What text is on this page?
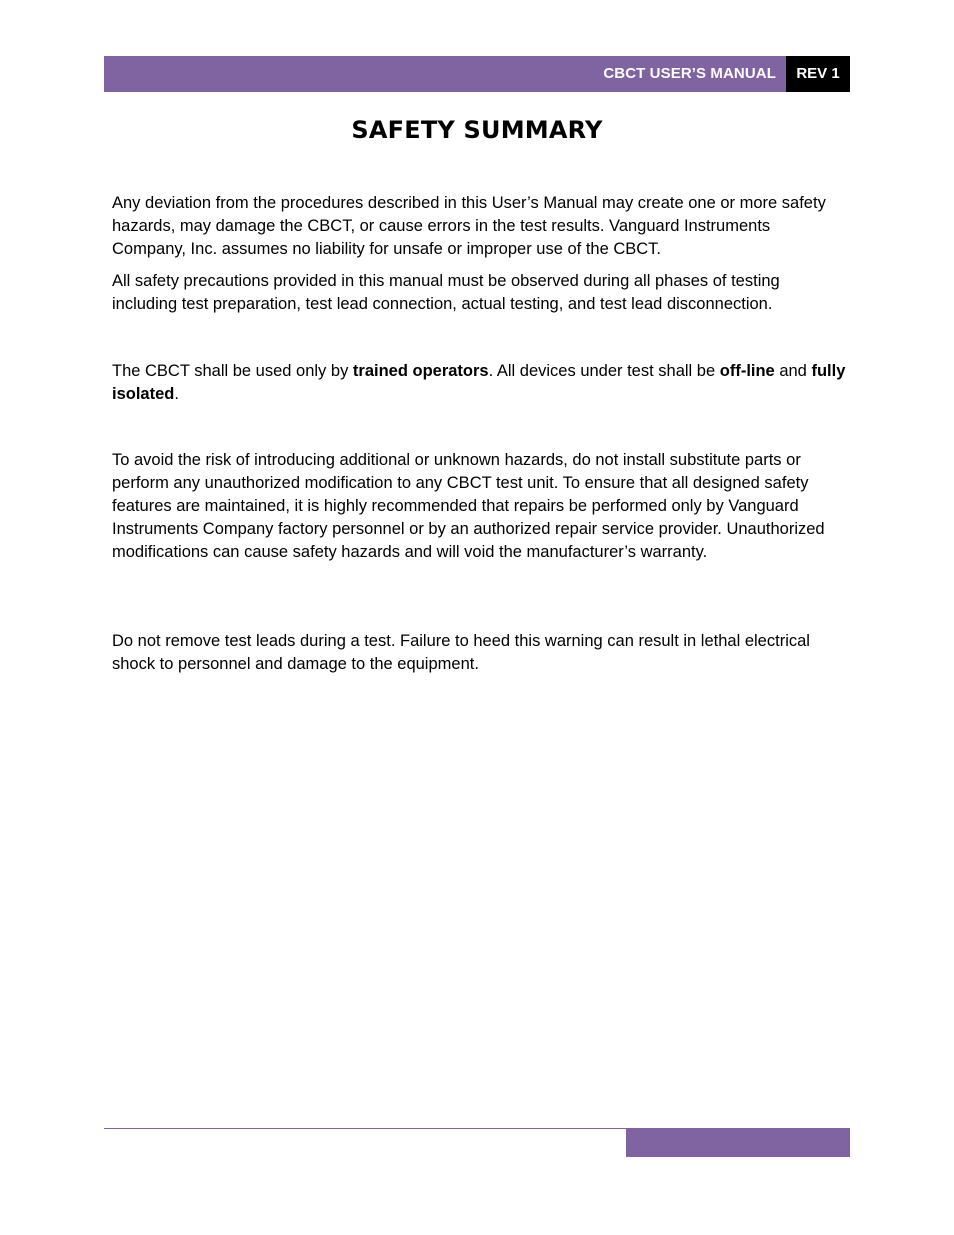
CBCT USER’S MANUAL	REV 1
SAFETY SUMMARY

Any deviation from the procedures described in this User’s Manual may create one or more safety hazards, may damage the CBCT, or cause errors in the test results. Vanguard Instruments Company, Inc. assumes no liability for unsafe or improper use of the CBCT.

All safety precautions provided in this manual must be observed during all phases of testing including test preparation, test lead connection, actual testing, and test lead disconnection.

The CBCT shall be used only by trained operators. All devices under test shall be off-line and fully isolated.

To avoid the risk of introducing additional or unknown hazards, do not install substitute parts or perform any unauthorized modification to any CBCT test unit. To ensure that all designed safety features are maintained, it is highly recommended that repairs be performed only by Vanguard Instruments Company factory personnel or by an authorized repair service provider. Unauthorized modifications can cause safety hazards and will void the manufacturer’s warranty.

Do not remove test leads during a test. Failure to heed this warning can result in lethal electrical shock to personnel and damage to the equipment.
